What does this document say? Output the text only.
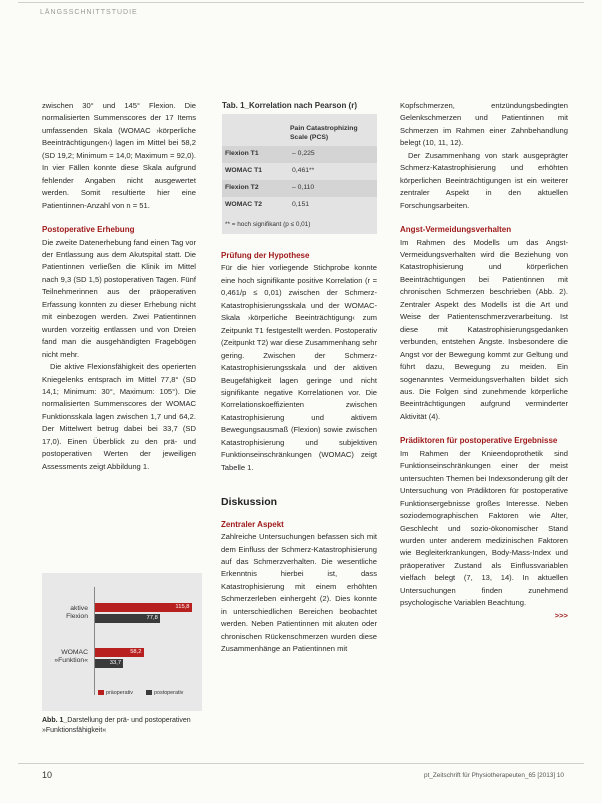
LÄNGSSCHNITTSTUDIE

zwischen 30° und 145° Flexion. Die normalisierten Summenscores der 17 Items umfassenden Skala (WOMAC ›körperliche Beeinträchtigungen‹) lagen im Mittel bei 58,2 (SD 19,2; Minimum = 14,0; Maximum = 92,0). In vier Fällen konnte diese Skala aufgrund fehlender Angaben nicht ausgewertet werden. Somit resultierte hier eine Patientinnen-Anzahl von n = 51.

Postoperative Erhebung

Die zweite Datenerhebung fand einen Tag vor der Entlassung aus dem Akutspital statt. Die Patientinnen verließen die Klinik im Mittel nach 9,3 (SD 1,5) postoperativen Tagen. Fünf Teilnehmerinnen aus der präoperativen Erfassung konnten zu dieser Erhebung nicht mit einbezogen werden. Zwei Patientinnen wurden vorzeitig entlassen und von Dreien fand man die ausgehändigten Fragebögen nicht mehr.

Die aktive Flexionsfähigkeit des operierten Kniegelenks entsprach im Mittel 77,8° (SD 14,1; Minimum: 30°, Maximum: 105°). Die normalisierten Summenscores der WOMAC Funktionsskala lagen zwischen 1,7 und 64,2. Der Mittelwert betrug dabei bei 33,7 (SD 17,0). Einen Überblick zu den prä- und postoperativen Werten der jeweiligen Assessments zeigt Abbildung 1.

aktive Flexion
WOMAC »Funktion«
115,8
77,8
58,2
33,7
präoperativ	postoperativ
Abb. 1_Darstellung der prä- und postoperativen »Funktionsfähigkeit«
Tab. 1_Korrelation nach Pearson (r)
Pain Catastrophizing Scale (PCS)
Flexion T1	– 0,225
WOMAC T1	0,461**
Flexion T2	– 0,110
WOMAC T2	0,151
** = hoch signifikant (p ≤ 0,01)

Prüfung der Hypothese

Für die hier vorliegende Stichprobe konnte eine hoch signifikante positive Korrelation (r = 0,461/p ≤ 0,01) zwischen der Schmerz-Katastrophisierungsskala und der WOMAC-Skala ›körperliche Beeinträchtigung‹ zum Zeitpunkt T1 festgestellt werden. Postoperativ (Zeitpunkt T2) war diese Zusammenhang sehr gering. Zwischen der Schmerz-Katastrophisierungsskala und der aktiven Beugefähigkeit lagen geringe und nicht signifikante negative Korrelationen vor. Die Korrelationskoeffizienten zwischen Katastrophisierung und aktivem Bewegungsausmaß (Flexion) sowie zwischen Katastrophisierung und subjektiven Funktionseinschränkungen (WOMAC) zeigt Tabelle 1.

Diskussion

Zentraler Aspekt

Zahlreiche Untersuchungen befassen sich mit dem Einfluss der Schmerz-Katastrophisierung auf das Schmerzverhalten. Die wesentliche Erkenntnis hierbei ist, dass Katastrophisierung mit einem erhöhten Schmerzerleben einhergeht (2). Dies konnte in unterschiedlichen Bereichen beobachtet werden. Neben Patientinnen mit akuten oder chronischen Rückenschmerzen wurden diese Zusammenhänge an Patientinnen mit

Kopfschmerzen, entzündungsbedingten Gelenkschmerzen und Patientinnen mit Schmerzen im Rahmen einer Zahnbehandlung belegt (10, 11, 12).

Der Zusammenhang von stark ausgeprägter Schmerz-Katastrophisierung und erhöhten körperlichen Beeinträchtigungen ist ein weiterer zentraler Aspekt in den aktuellen Forschungsarbeiten.

Angst-Vermeidungsverhalten

Im Rahmen des Modells um das Angst-Vermeidungsverhalten wird die Beziehung von Katastrophisierung und körperlichen Beeinträchtigungen bei Patientinnen mit chronischen Schmerzen beschrieben (Abb. 2). Zentraler Aspekt des Modells ist die Art und Weise der Patientenschmerzverarbeitung. Ist diese mit Katastrophisierungsgedanken verbunden, entstehen Ängste. Insbesondere die Angst vor der Bewegung kommt zur Geltung und führt dazu, Bewegung zu meiden. Ein sogenanntes Vermeidungsverhalten bildet sich aus. Die Folgen sind zunehmende körperliche Beeinträchtigungen aufgrund verminderter Aktivität (4).

Prädiktoren für postoperative Ergebnisse

Im Rahmen der Knieendoprothetik sind Funktionseinschränkungen einer der meist untersuchten Themen bei Indexsonderung gilt der Untersuchung von Prädiktoren für postoperative Funktionsergebnisse großes Interesse. Neben soziodemographischen Faktoren wie Alter, Geschlecht und sozio-ökonomischer Stand wurden unter anderem medizinischen Faktoren wie Begleiterkrankungen, Body-Mass-Index und präoperativer Zustand als Einflussvariablen vielfach belegt (7, 13, 14). In aktuellen Untersuchungen finden zunehmend psychologische Variablen Beachtung.

>>>
10	pt_Zeitschrift für Physiotherapeuten_65 [2013] 10
